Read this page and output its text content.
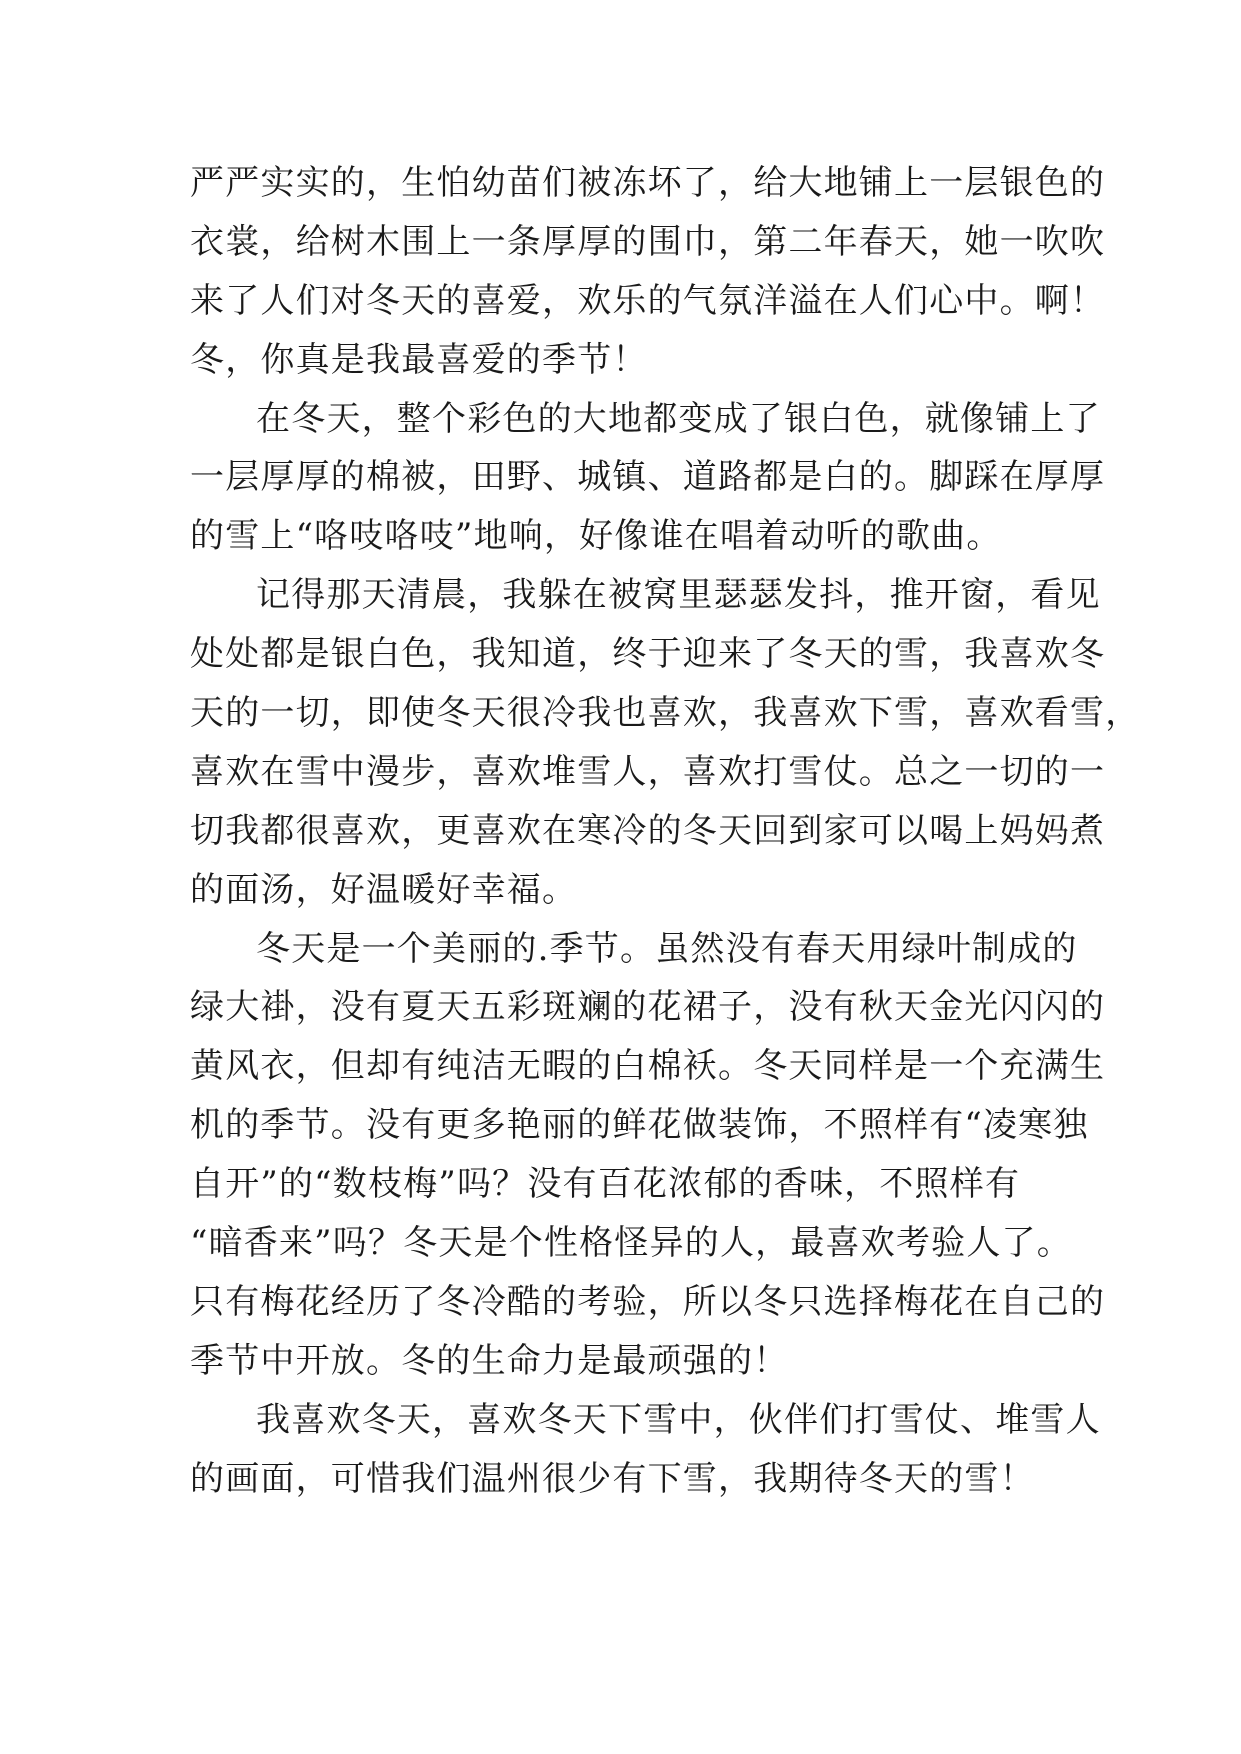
严严实实的，生怕幼苗们被冻坏了，给大地铺上一层银色的
衣裳，给树木围上一条厚厚的围巾，第二年春天，她一吹吹
来了人们对冬天的喜爱，欢乐的气氛洋溢在人们心中。啊！
冬，你真是我最喜爱的季节！
在冬天，整个彩色的大地都变成了银白色，就像铺上了
一层厚厚的棉被，田野、城镇、道路都是白的。脚踩在厚厚
的雪上“咯吱咯吱”地响，好像谁在唱着动听的歌曲。
记得那天清晨，我躲在被窝里瑟瑟发抖，推开窗，看见
处处都是银白色，我知道，终于迎来了冬天的雪，我喜欢冬
天的一切，即使冬天很冷我也喜欢，我喜欢下雪，喜欢看雪，
喜欢在雪中漫步，喜欢堆雪人，喜欢打雪仗。总之一切的一
切我都很喜欢，更喜欢在寒冷的冬天回到家可以喝上妈妈煮
的面汤，好温暖好幸福。
冬天是一个美丽的.季节。虽然没有春天用绿叶制成的
绿大褂，没有夏天五彩斑斓的花裙子，没有秋天金光闪闪的
黄风衣，但却有纯洁无暇的白棉袄。冬天同样是一个充满生
机的季节。没有更多艳丽的鲜花做装饰，不照样有“凌寒独
自开”的“数枝梅”吗？没有百花浓郁的香味，不照样有
“暗香来”吗？冬天是个性格怪异的人，最喜欢考验人了。
只有梅花经历了冬冷酷的考验，所以冬只选择梅花在自己的
季节中开放。冬的生命力是最顽强的！
我喜欢冬天，喜欢冬天下雪中，伙伴们打雪仗、堆雪人
的画面，可惜我们温州很少有下雪，我期待冬天的雪！
